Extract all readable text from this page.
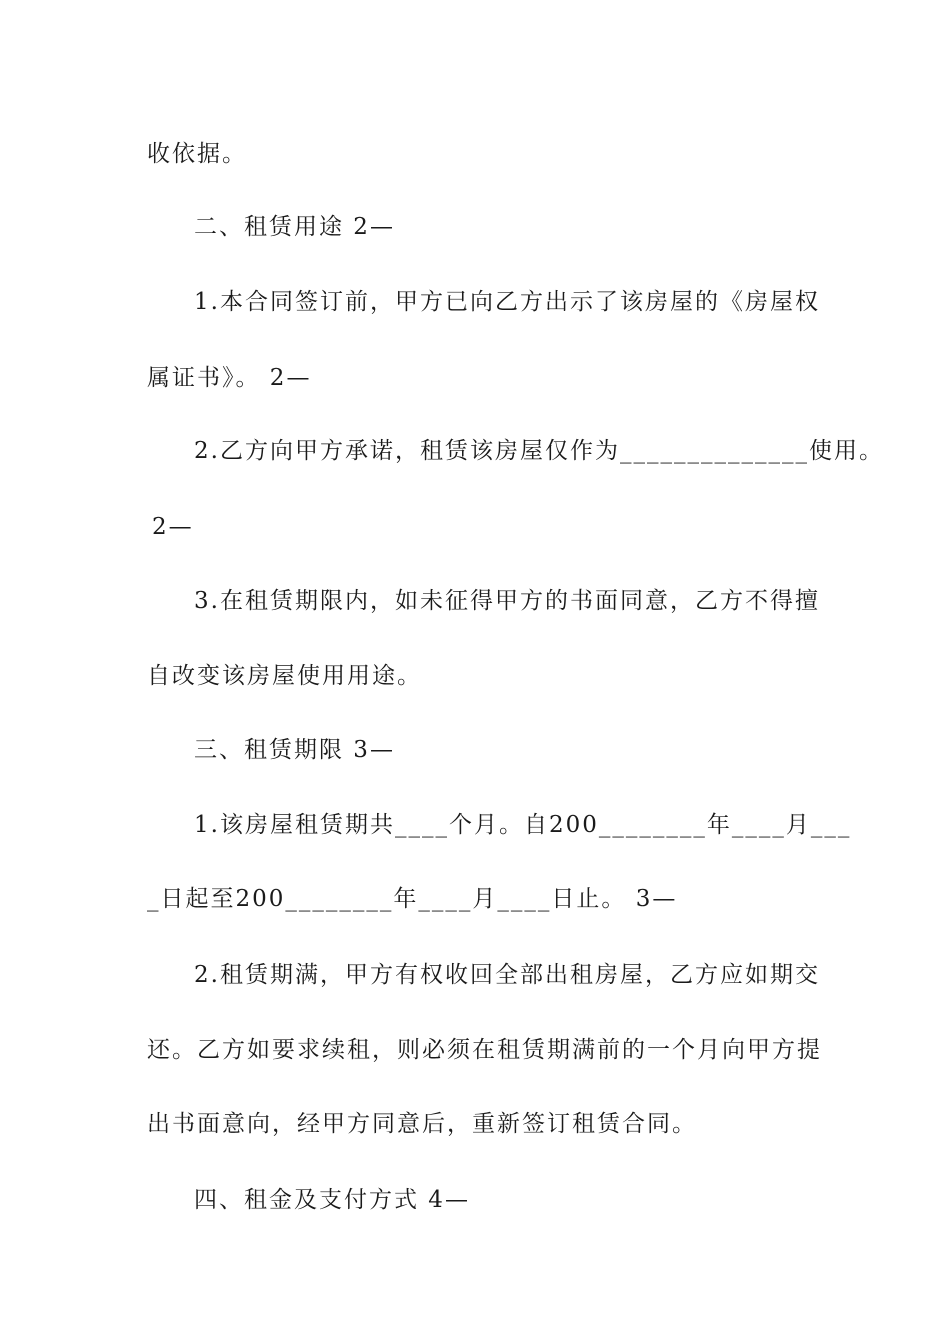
收依据。
二、租赁用途 2—
1.本合同签订前，甲方已向乙方出示了该房屋的《房屋权
属证书》。 2—
2.乙方向甲方承诺，租赁该房屋仅作为______________使用。
2—
3.在租赁期限内，如未征得甲方的书面同意，乙方不得擅
自改变该房屋使用用途。
三、租赁期限 3—
1.该房屋租赁期共____个月。自200________年____月___
_日起至200________年____月____日止。 3—
2.租赁期满，甲方有权收回全部出租房屋，乙方应如期交
还。乙方如要求续租，则必须在租赁期满前的一个月向甲方提
出书面意向，经甲方同意后，重新签订租赁合同。
四、租金及支付方式 4—
